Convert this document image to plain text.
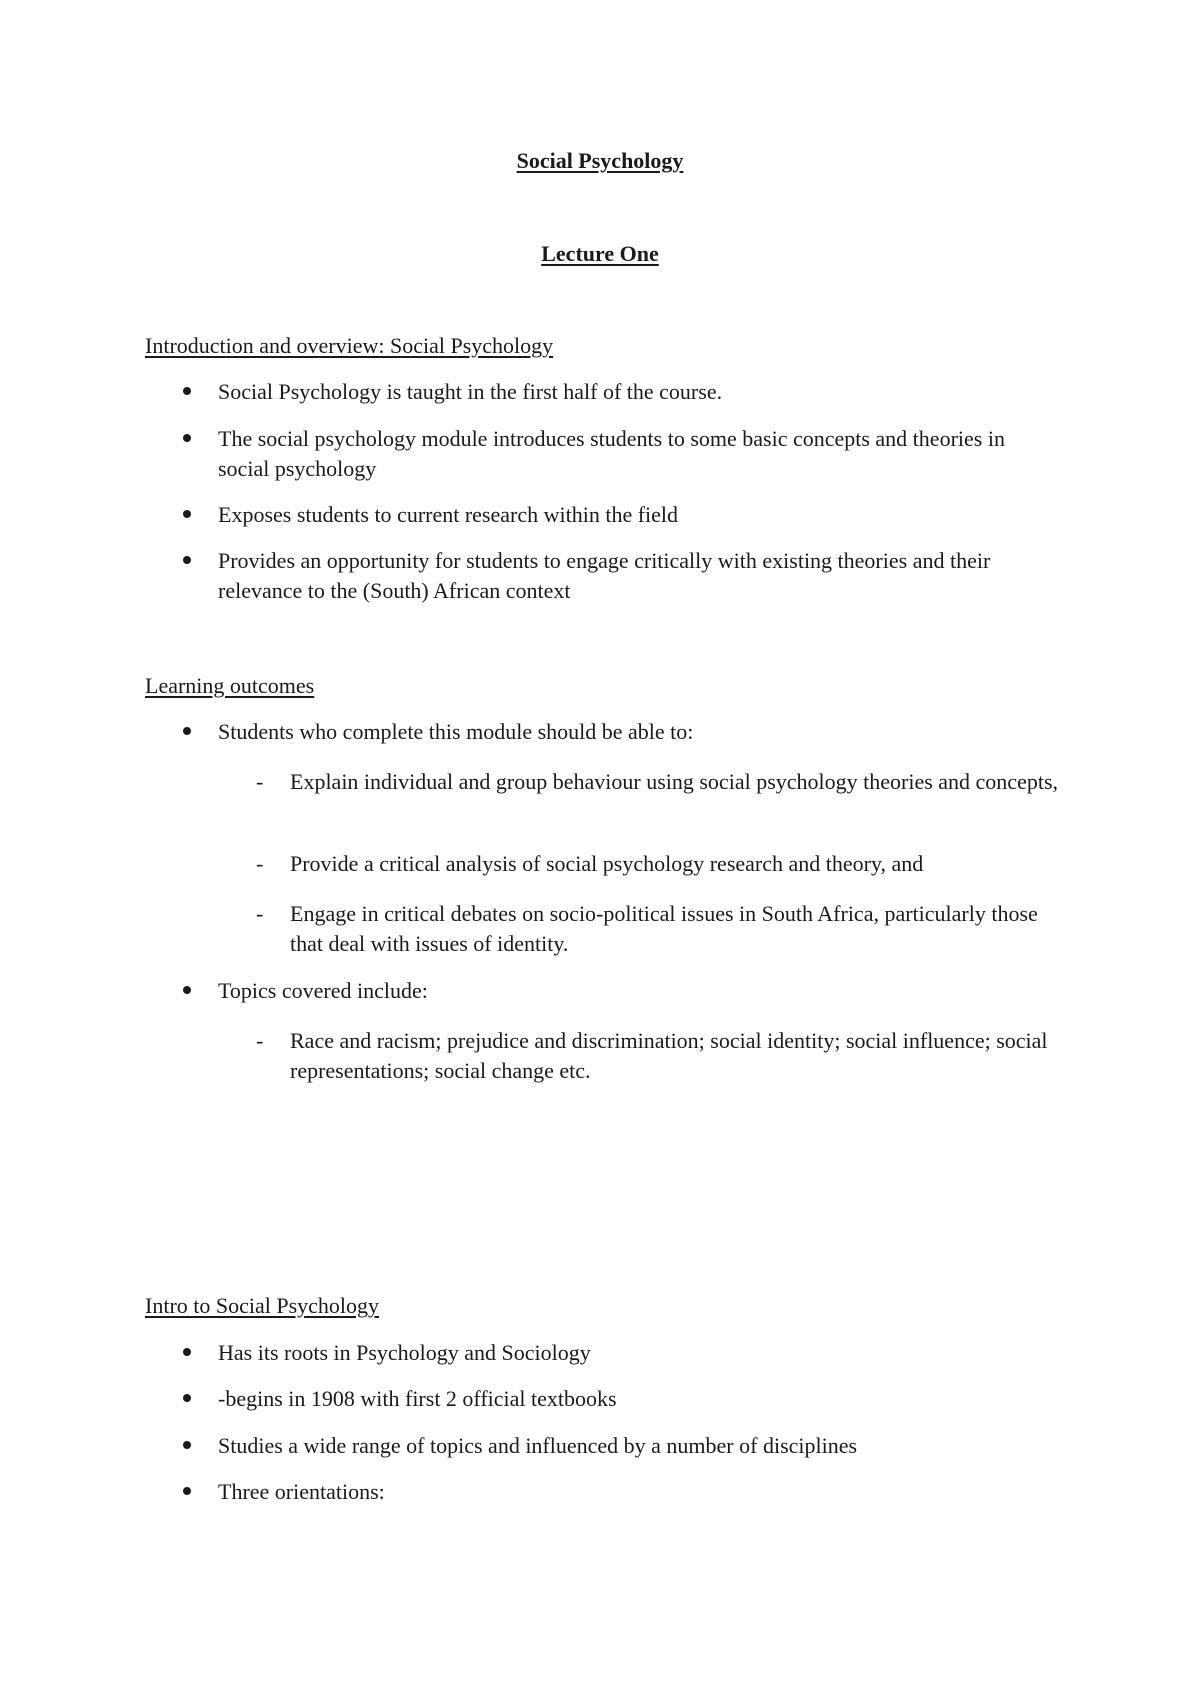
Social Psychology
Lecture One
Introduction and overview: Social Psychology
Social Psychology is taught in the first half of the course.
The social psychology module introduces students to some basic concepts and theories in social psychology
Exposes students to current research within the field
Provides an opportunity for students to engage critically with existing theories and their relevance to the (South) African context
Learning outcomes
Students who complete this module should be able to:
- Explain individual and group behaviour using social psychology theories and concepts,
- Provide a critical analysis of social psychology research and theory, and
- Engage in critical debates on socio-political issues in South Africa, particularly those that deal with issues of identity.
Topics covered include:
- Race and racism; prejudice and discrimination; social identity; social influence; social representations; social change etc.
Intro to Social Psychology
Has its roots in Psychology and Sociology
-begins in 1908 with first 2 official textbooks
Studies a wide range of topics and influenced by a number of disciplines
Three orientations:
